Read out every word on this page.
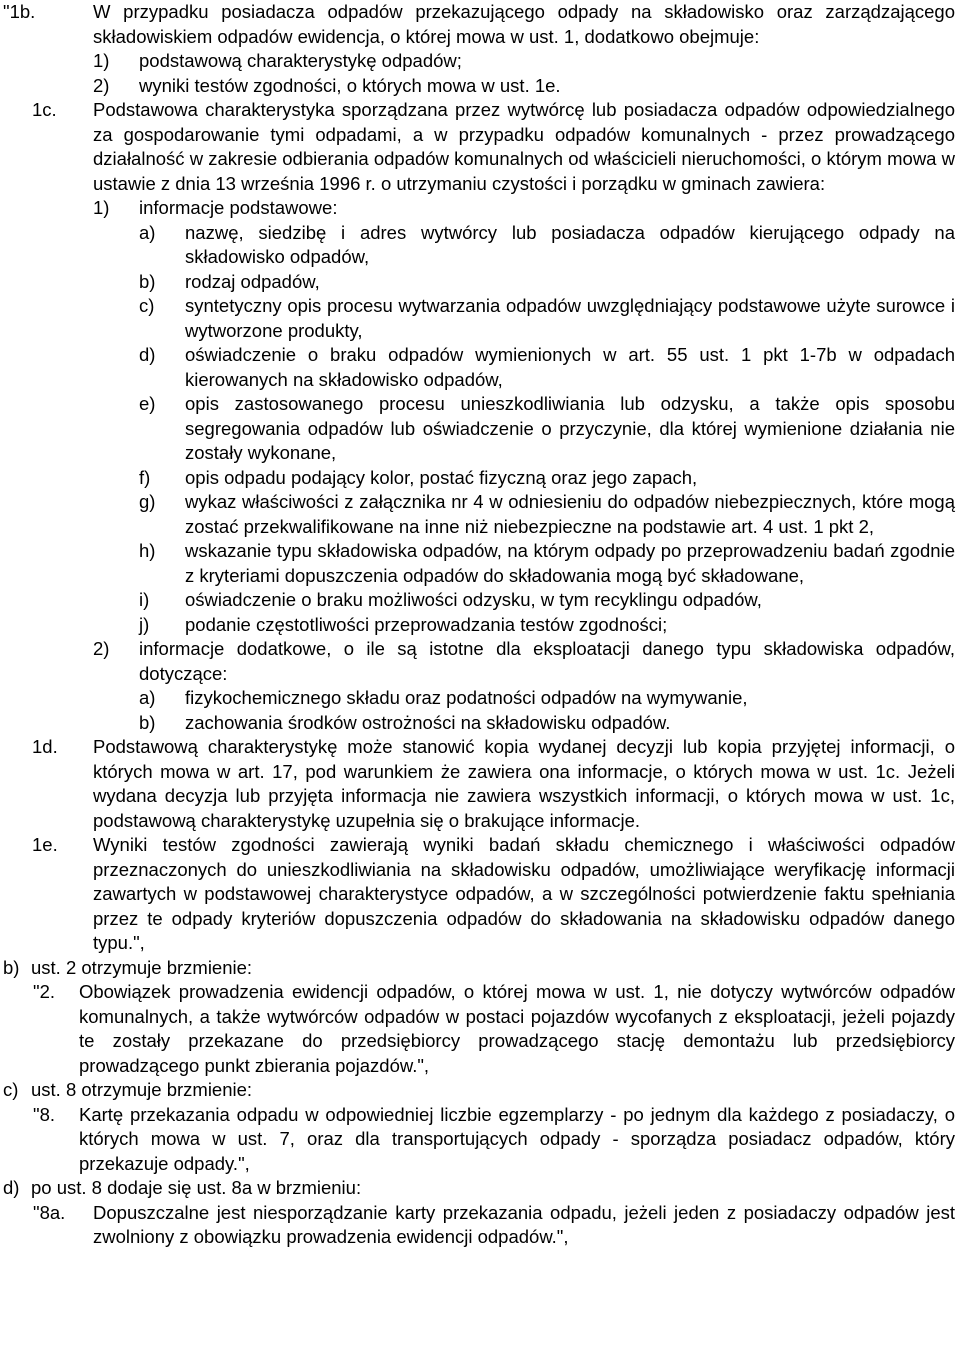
"1b.	W przypadku posiadacza odpadów przekazującego odpady na składowisko oraz zarządzającego składowiskiem odpadów ewidencja, o której mowa w ust. 1, dodatkowo obejmuje:
1) podstawową charakterystykę odpadów;
2) wyniki testów zgodności, o których mowa w ust. 1e.
1c. Podstawowa charakterystyka sporządzana przez wytwórcę lub posiadacza odpadów odpowiedzialnego za gospodarowanie tymi odpadami, a w przypadku odpadów komunalnych - przez prowadzącego działalność w zakresie odbierania odpadów komunalnych od właścicieli nieruchomości, o którym mowa w ustawie z dnia 13 września 1996 r. o utrzymaniu czystości i porządku w gminach zawiera:
1) informacje podstawowe:
a) nazwę, siedzibę i adres wytwórcy lub posiadacza odpadów kierującego odpady na składowisko odpadów,
b) rodzaj odpadów,
c) syntetyczny opis procesu wytwarzania odpadów uwzględniający podstawowe użyte surowce i wytworzone produkty,
d) oświadczenie o braku odpadów wymienionych w art. 55 ust. 1 pkt 1-7b w odpadach kierowanych na składowisko odpadów,
e) opis zastosowanego procesu unieszkodliwiania lub odzysku, a także opis sposobu segregowania odpadów lub oświadczenie o przyczynie, dla której wymienione działania nie zostały wykonane,
f) opis odpadu podający kolor, postać fizyczną oraz jego zapach,
g) wykaz właściwości z załącznika nr 4 w odniesieniu do odpadów niebezpiecznych, które mogą zostać przekwalifikowane na inne niż niebezpieczne na podstawie art. 4 ust. 1 pkt 2,
h) wskazanie typu składowiska odpadów, na którym odpady po przeprowadzeniu badań zgodnie z kryteriami dopuszczenia odpadów do składowania mogą być składowane,
i) oświadczenie o braku możliwości odzysku, w tym recyklingu odpadów,
j) podanie częstotliwości przeprowadzania testów zgodności;
2) informacje dodatkowe, o ile są istotne dla eksploatacji danego typu składowiska odpadów, dotyczące:
a) fizykochemicznego składu oraz podatności odpadów na wymywanie,
b) zachowania środków ostrożności na składowisku odpadów.
1d. Podstawową charakterystykę może stanowić kopia wydanej decyzji lub kopia przyjętej informacji, o których mowa w art. 17, pod warunkiem że zawiera ona informacje, o których mowa w ust. 1c. Jeżeli wydana decyzja lub przyjęta informacja nie zawiera wszystkich informacji, o których mowa w ust. 1c, podstawową charakterystykę uzupełnia się o brakujące informacje.
1e. Wyniki testów zgodności zawierają wyniki badań składu chemicznego i właściwości odpadów przeznaczonych do unieszkodliwiania na składowisku odpadów, umożliwiające weryfikację informacji zawartych w podstawowej charakterystyce odpadów, a w szczególności potwierdzenie faktu spełniania przez te odpady kryteriów dopuszczenia odpadów do składowania na składowisku odpadów danego typu.",
b) ust. 2 otrzymuje brzmienie:
"2. Obowiązek prowadzenia ewidencji odpadów, o której mowa w ust. 1, nie dotyczy wytwórców odpadów komunalnych, a także wytwórców odpadów w postaci pojazdów wycofanych z eksploatacji, jeżeli pojazdy te zostały przekazane do przedsiębiorcy prowadzącego stację demontażu lub przedsiębiorcy prowadzącego punkt zbierania pojazdów.",
c) ust. 8 otrzymuje brzmienie:
"8. Kartę przekazania odpadu w odpowiedniej liczbie egzemplarzy - po jednym dla każdego z posiadaczy, o których mowa w ust. 7, oraz dla transportujących odpady - sporządza posiadacz odpadów, który przekazuje odpady.",
d) po ust. 8 dodaje się ust. 8a w brzmieniu:
"8a. Dopuszczalne jest niesporządzanie karty przekazania odpadu, jeżeli jeden z posiadaczy odpadów jest zwolniony z obowiązku prowadzenia ewidencji odpadów.",
